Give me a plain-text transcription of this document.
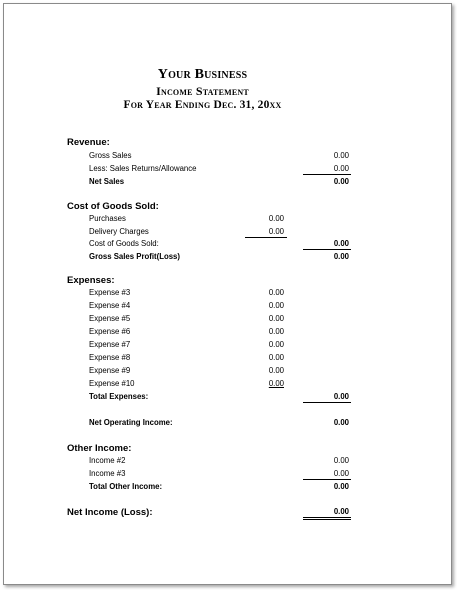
Your Business
Income Statement
For Year Ending Dec. 31, 20xx
Revenue:
Gross Sales	0.00
Less: Sales Returns/Allowance	0.00
Net Sales	0.00
Cost of Goods Sold:
Purchases	0.00
Delivery Charges	0.00
Cost of Goods Sold:	0.00
Gross Sales Profit(Loss)	0.00
Expenses:
Expense #3	0.00
Expense #4	0.00
Expense #5	0.00
Expense #6	0.00
Expense #7	0.00
Expense #8	0.00
Expense #9	0.00
Expense #10	0.00
Total Expenses:	0.00
Net Operating Income:	0.00
Other Income:
Income #2	0.00
Income #3	0.00
Total Other Income:	0.00
Net Income (Loss):	0.00
